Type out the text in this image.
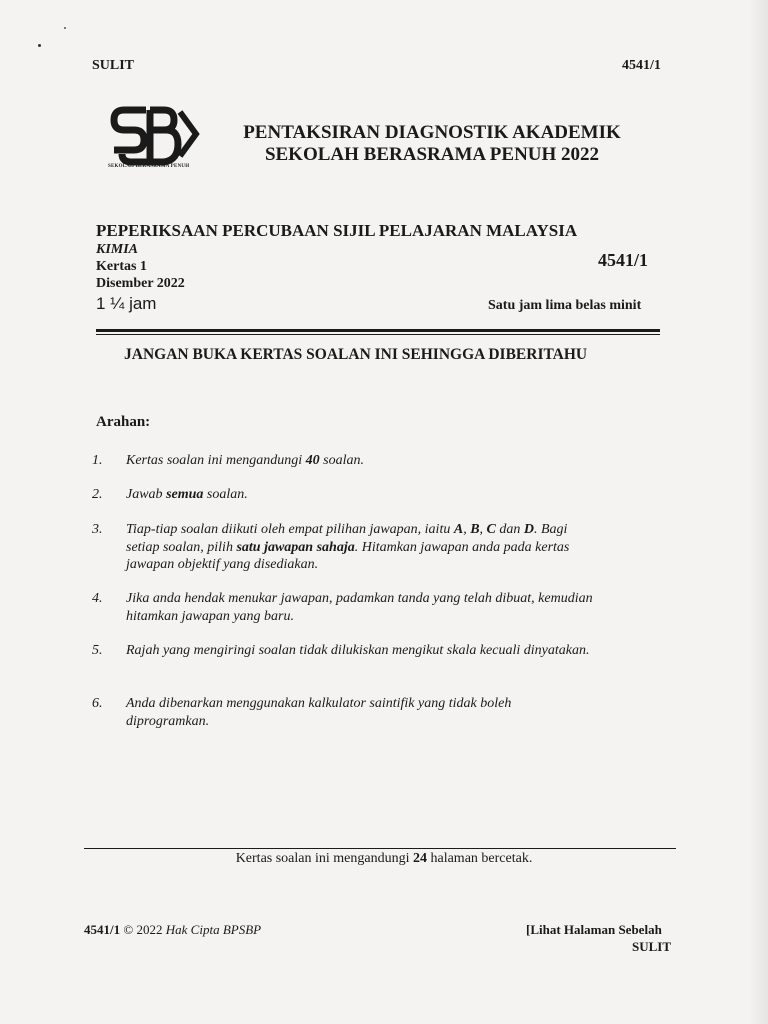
SULIT	4541/1
SEKOLAH BERASRAMA PENUH
PENTAKSIRAN DIAGNOSTIK AKADEMIK
SEKOLAH BERASRAMA PENUH 2022
PEPERIKSAAN PERCUBAAN SIJIL PELAJARAN MALAYSIA
KIMIA
Kertas 1
Disember 2022
1 ¼ jam
4541/1
Satu jam lima belas minit
JANGAN BUKA KERTAS SOALAN INI SEHINGGA DIBERITAHU
Arahan:
1. Kertas soalan ini mengandungi 40 soalan.
2. Jawab semua soalan.
3. Tiap-tiap soalan diikuti oleh empat pilihan jawapan, iaitu A, B, C dan D. Bagi setiap soalan, pilih satu jawapan sahaja. Hitamkan jawapan anda pada kertas jawapan objektif yang disediakan.
4. Jika anda hendak menukar jawapan, padamkan tanda yang telah dibuat, kemudian hitamkan jawapan yang baru.
5. Rajah yang mengiringi soalan tidak dilukiskan mengikut skala kecuali dinyatakan.
6. Anda dibenarkan menggunakan kalkulator saintifik yang tidak boleh diprogramkan.
Kertas soalan ini mengandungi 24 halaman bercetak.
4541/1 © 2022 Hak Cipta BPSBP	[Lihat Halaman Sebelah
SULIT
